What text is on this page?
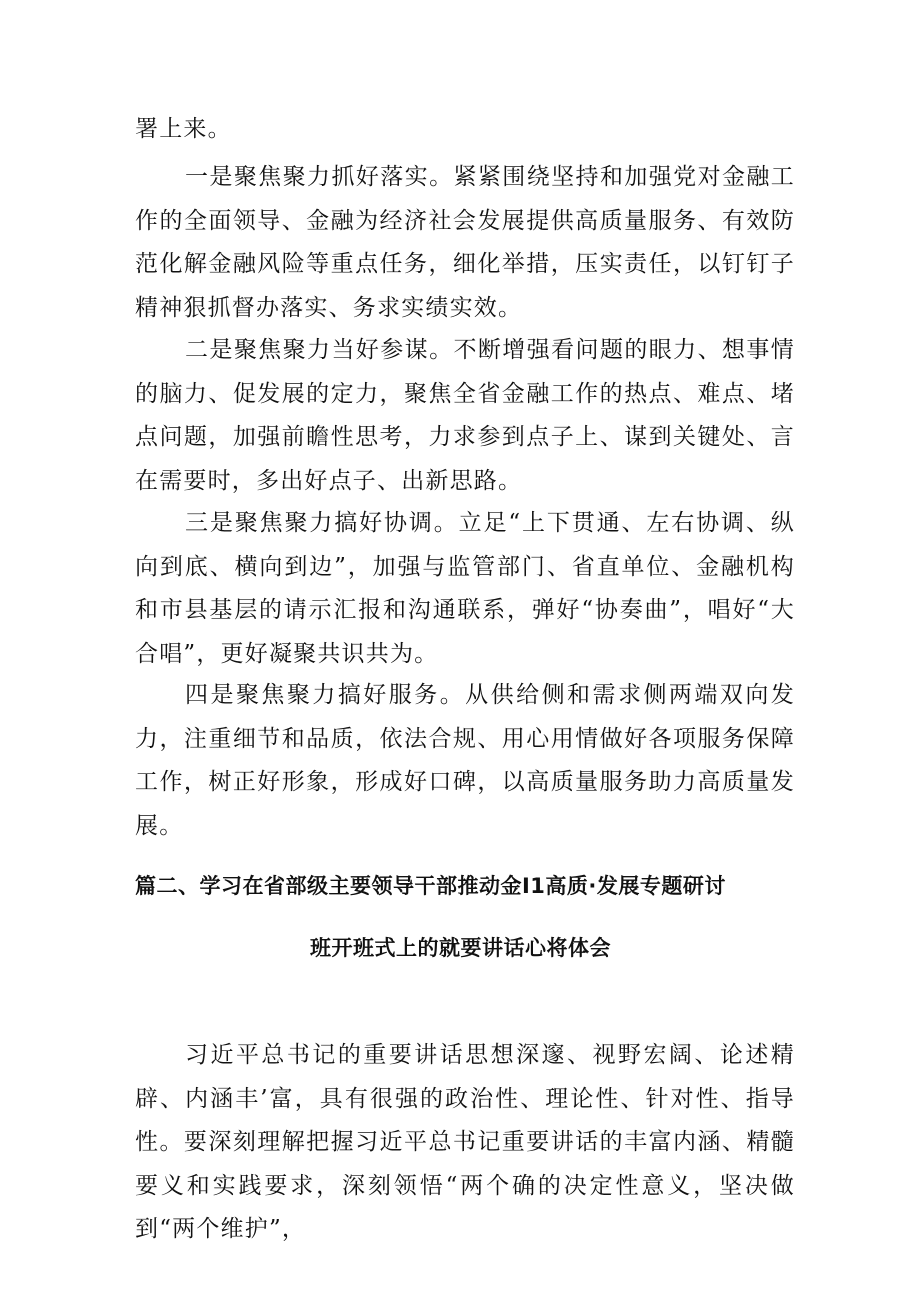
署上来。

一是聚焦聚力抓好落实。紧紧围绕坚持和加强党对金融工作的全面领导、金融为经济社会发展提供高质量服务、有效防范化解金融风险等重点任务，细化举措，压实责任，以钉钉子精神狠抓督办落实、务求实绩实效。

二是聚焦聚力当好参谋。不断增强看问题的眼力、想事情的脑力、促发展的定力，聚焦全省金融工作的热点、难点、堵点问题，加强前瞻性思考，力求参到点子上、谋到关键处、言在需要时，多出好点子、出新思路。

三是聚焦聚力搞好协调。立足“上下贯通、左右协调、纵向到底、横向到边”，加强与监管部门、省直单位、金融机构和市县基层的请示汇报和沟通联系，弹好“协奏曲”，唱好“大合唱”，更好凝聚共识共为。

四是聚焦聚力搞好服务。从供给侧和需求侧两端双向发力，注重细节和品质，依法合规、用心用情做好各项服务保障工作，树正好形象，形成好口碑，以高质量服务助力高质量发展。

篇二、学习在省部级主要领导干部推动金I1高质·发展专题研讨
班开班式上的就要讲话心将体会

习近平总书记的重要讲话思想深邃、视野宏阔、论述精辟、内涵丰’富，具有很强的政治性、理论性、针对性、指导性。要深刻理解把握习近平总书记重要讲话的丰富内涵、精髓要义和实践要求，深刻领悟“两个确的决定性意义，坚决做到“两个维护”，
